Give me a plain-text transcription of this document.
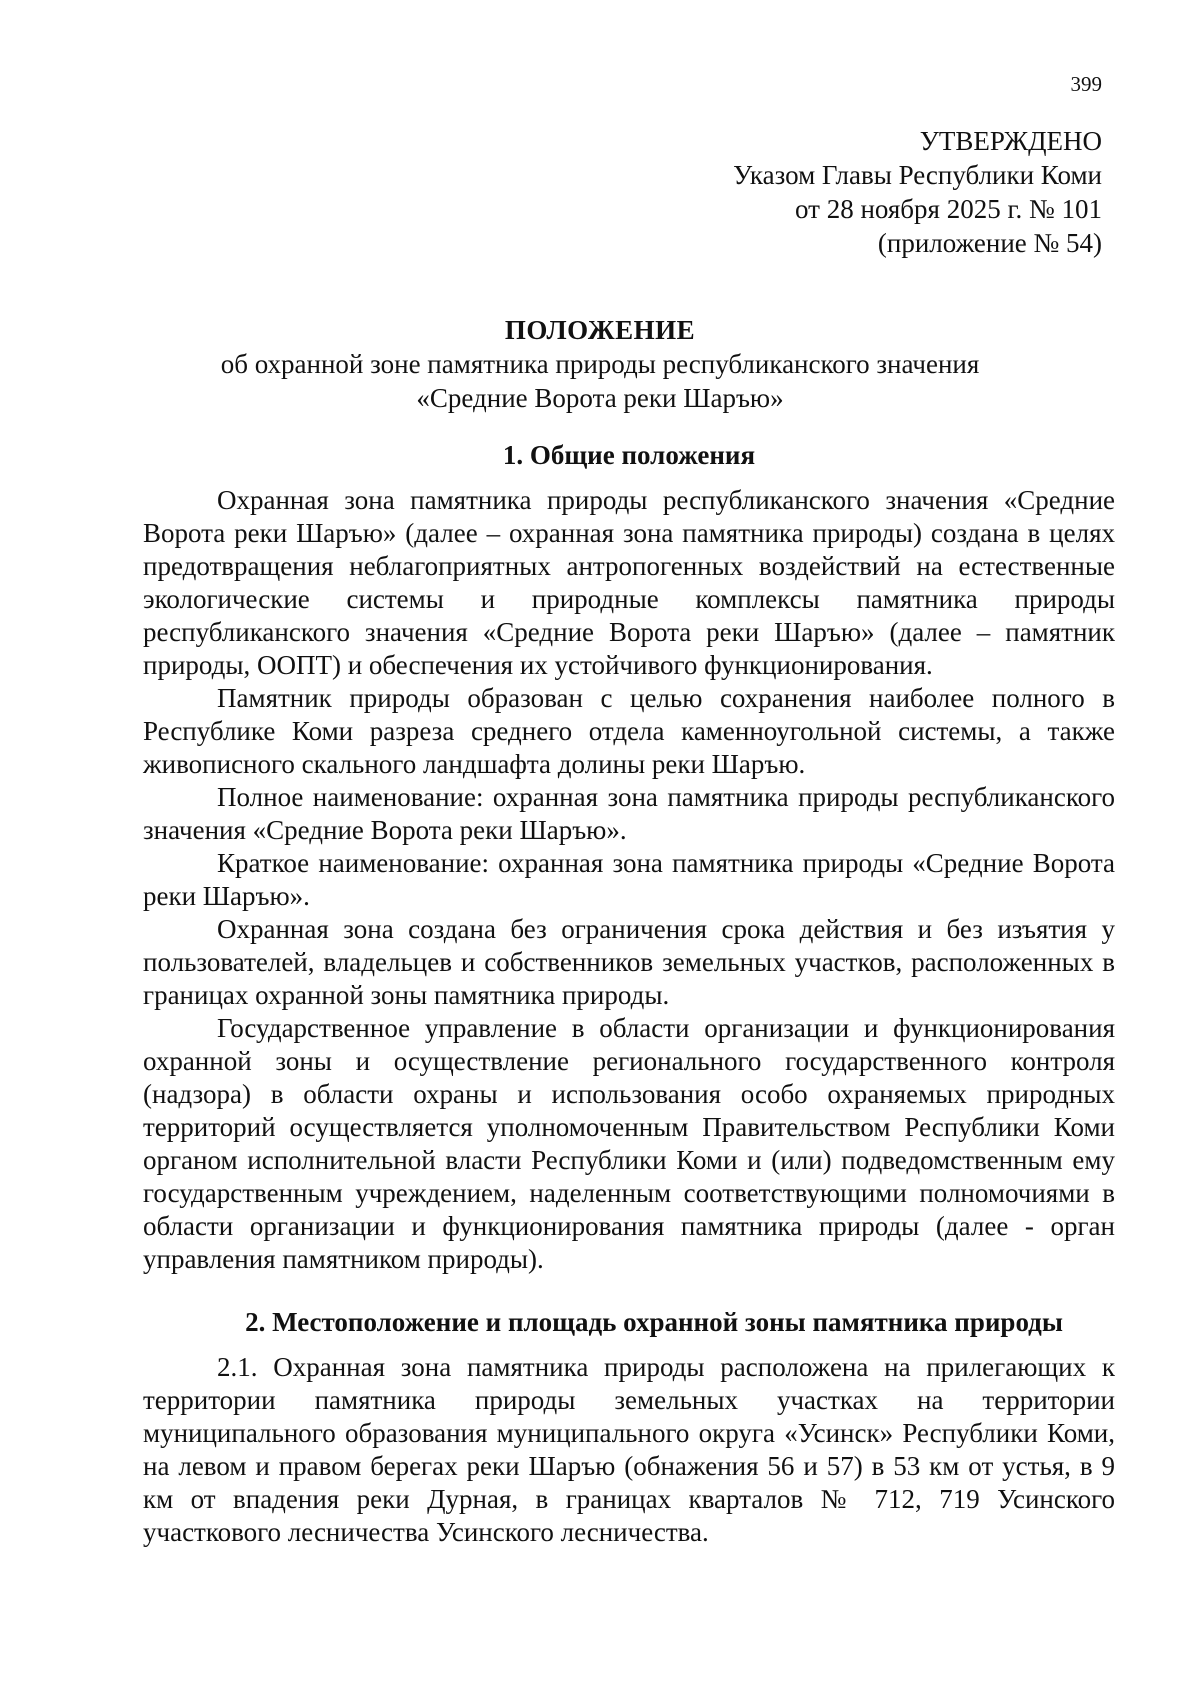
399
УТВЕРЖДЕНО
Указом Главы Республики Коми
от 28 ноября 2025 г. № 101
(приложение № 54)
ПОЛОЖЕНИЕ
об охранной зоне памятника природы республиканского значения
«Средние Ворота реки Шаръю»
1. Общие положения

Охранная зона памятника природы республиканского значения «Средние Ворота реки Шаръю» (далее – охранная зона памятника природы) создана в целях предотвращения неблагоприятных антропогенных воздействий на естественные экологические системы и природные комплексы памятника природы республиканского значения «Средние Ворота реки Шаръю» (далее – памятник природы, ООПТ) и обеспечения их устойчивого функционирования.

Памятник природы образован с целью сохранения наиболее полного в Республике Коми разреза среднего отдела каменноугольной системы, а также живописного скального ландшафта долины реки Шаръю.

Полное наименование: охранная зона памятника природы республиканского значения «Средние Ворота реки Шаръю».

Краткое наименование: охранная зона памятника природы «Средние Ворота реки Шаръю».

Охранная зона создана без ограничения срока действия и без изъятия у пользователей, владельцев и собственников земельных участков, расположенных в границах охранной зоны памятника природы.

Государственное управление в области организации и функционирования охранной зоны и осуществление регионального государственного контроля (надзора) в области охраны и использования особо охраняемых природных территорий осуществляется уполномоченным Правительством Республики Коми органом исполнительной власти Республики Коми и (или) подведомственным ему государственным учреждением, наделенным соответствующими полномочиями в области организации и функционирования памятника природы (далее - орган управления памятником природы).

2. Местоположение и площадь охранной зоны памятника природы

2.1. Охранная зона памятника природы расположена на прилегающих к территории памятника природы земельных участках на территории муниципального образования муниципального округа «Усинск» Республики Коми, на левом и правом берегах реки Шаръю (обнажения 56 и 57) в 53 км от устья, в 9 км от впадения реки Дурная, в границах кварталов № 712, 719 Усинского участкового лесничества Усинского лесничества.
